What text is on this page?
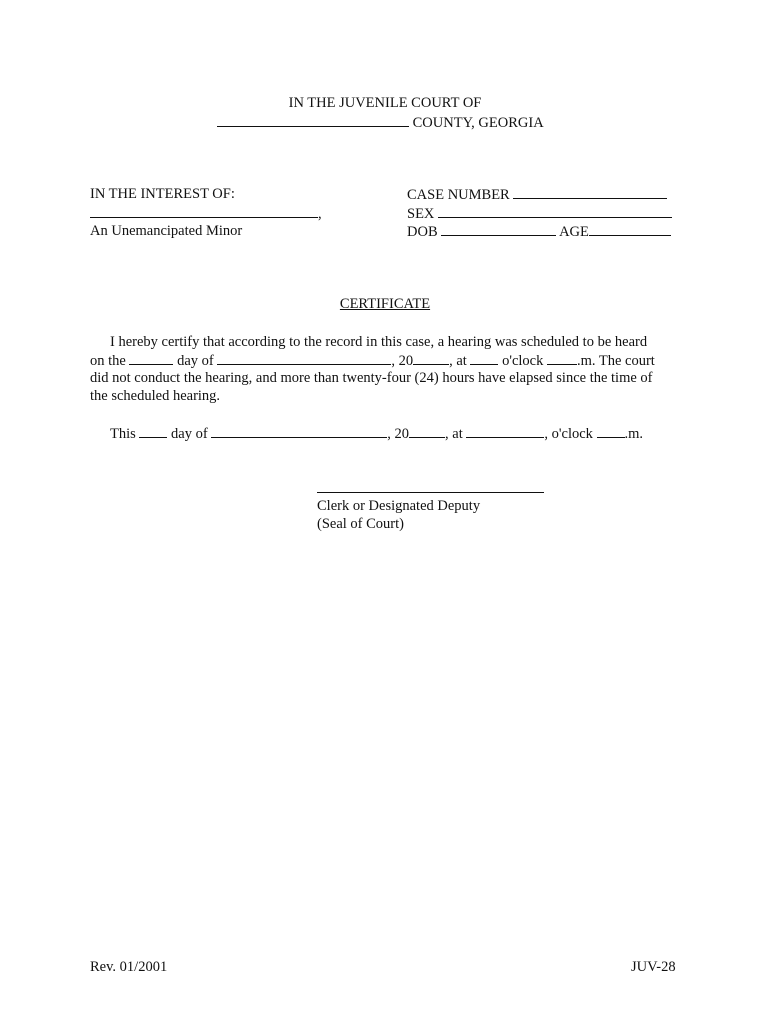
IN THE JUVENILE COURT OF
COUNTY, GEORGIA
IN THE INTEREST OF:
,
An Unemancipated Minor
CASE NUMBER
SEX
DOB	AGE
CERTIFICATE
I hereby certify that according to the record in this case, a hearing was scheduled to be heard
on the	day of	, 20 , at o'clock .m. The court
did not conduct the hearing, and more than twenty-four (24) hours have elapsed since the time of
the scheduled hearing.
This day of	, 20 , at	, o'clock .m.
Clerk or Designated Deputy
(Seal of Court)
Rev. 01/2001	JUV-28
